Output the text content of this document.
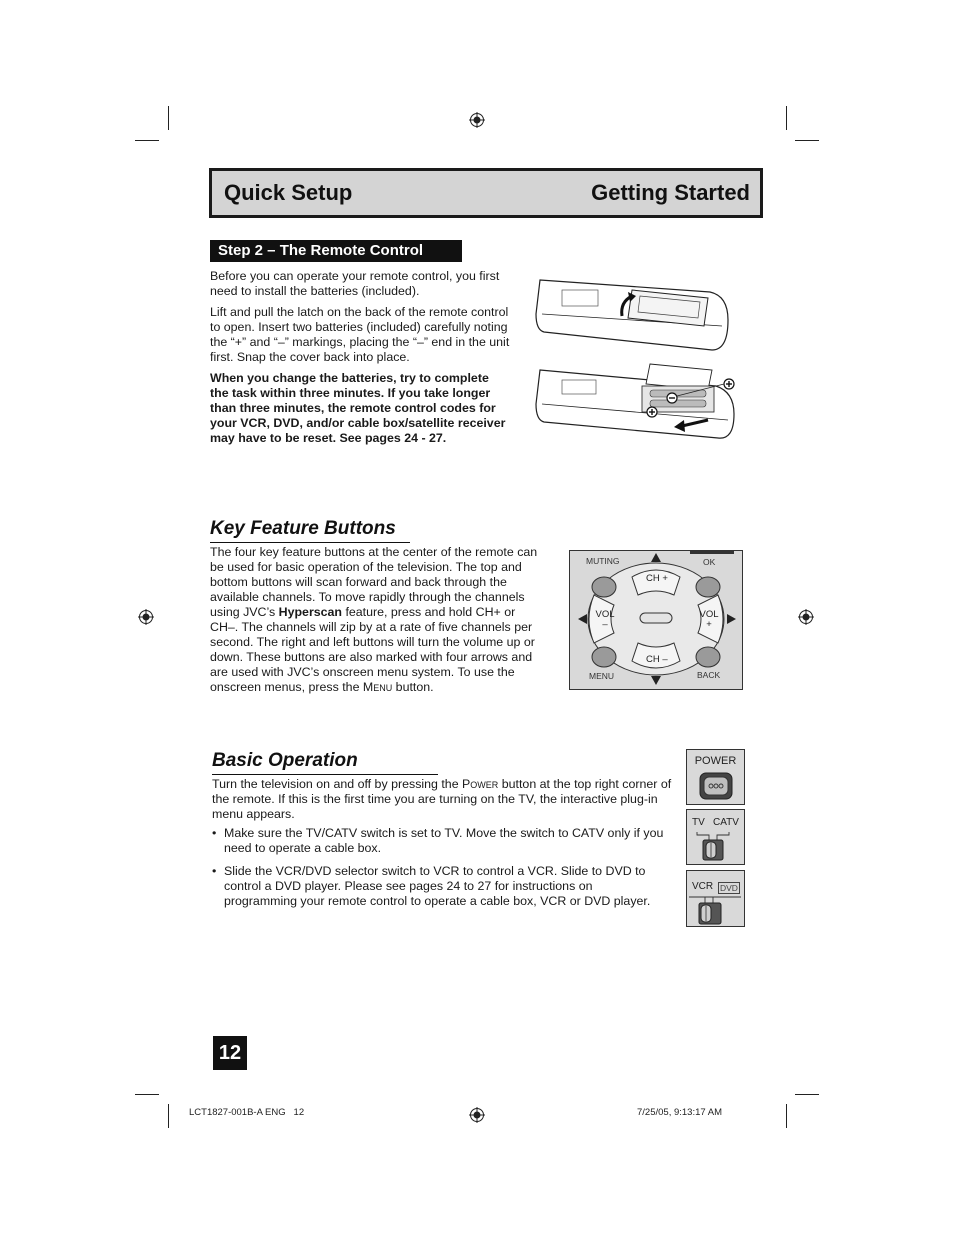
Quick Setup	Getting Started
Step 2 – The Remote Control

Before you can operate your remote control, you first need to install the batteries (included).

Lift and pull the latch on the back of the remote control to open. Insert two batteries (included) carefully noting the “+” and “–” markings, placing the “–” end in the unit first. Snap the cover back into place.

When you change the batteries, try to complete the task within three minutes. If you take longer than three minutes, the remote control codes for your VCR, DVD, and/or cable box/satellite receiver may have to be reset. See pages 24 - 27.

Key Feature Buttons

The four key feature buttons at the center of the remote can be used for basic operation of the television. The top and bottom buttons will scan forward and back through the available channels. To move rapidly through the channels using JVC’s Hyperscan feature, press and hold CH+ or CH–. The channels will zip by at a rate of five channels per second. The right and left buttons will turn the volume up or down. These buttons are also marked with four arrows and are used with JVC’s onscreen menu system. To use the onscreen menus, press the Menu button.

MUTING	OK
MENU	BACK
CH +
CH –
VOL
–
VOL
+
Basic Operation

Turn the television on and off by pressing the Power button at the top right corner of the remote. If this is the first time you are turning on the TV, the interactive plug-in menu appears.

• Make sure the TV/CATV switch is set to TV. Move the switch to CATV only if you need to operate a cable box.
• Slide the VCR/DVD selector switch to VCR to control a VCR. Slide to DVD to control a DVD player. Please see pages 24 to 27 for instructions on programming your remote control to operate a cable box, VCR or DVD player.
POWER
TV CATV
VCR DVD
12
LCT1827-001B-A ENG   12	7/25/05, 9:13:17 AM
